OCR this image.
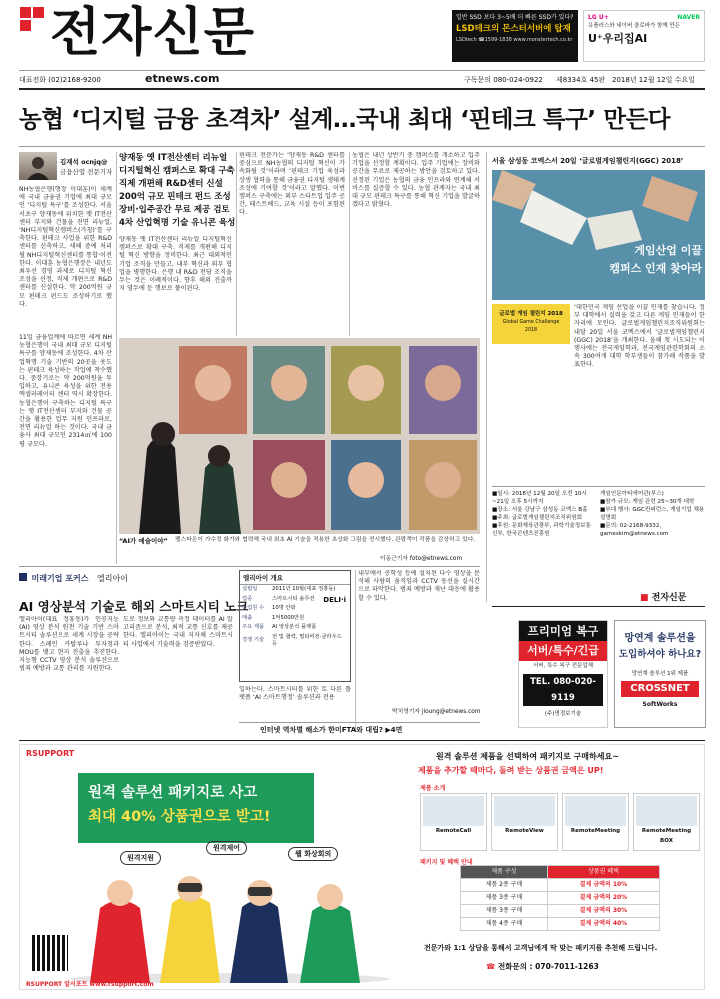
전자신문	일반 SSD 보다 3~5배 더 빠른 SSD가 있다?
LSD테크의 몬스터서버에 탑재
LSDtech ☎1599-1838 www.monstertech.co.kr
LG U+	NAVER
유플러스와 네이버 클로바가 함께 만든
U⁺우리집AI
대표전화 (02)2168-9200	etnews.com	구독문의 080-024-0922 제8334호 45판 2018년 12월 12일 수요일
농협 ‘디지털 금융 초격차’ 설계…국내 최대 ‘핀테크 특구’ 만든다
김재석 ocnjq@
금융산업 전문기자
NH농협은행(행장 이대훈)이 세계에 국내 금융권 기업에 최대 규모인 ‘디지털 특구’를 조성한다. 서울 서초구 양재동에 위치한 옛 IT전산센터 부지와 건물을 전면 리뉴얼, ‘NH디지털혁신캠퍼스(가칭)’를 구축한다. 핀테크 사업을 위한 R&D센터를 신축하고, 새해 중에 처리될 NH디지털혁신센터를 통합·이전한다. 이대훈 농협은행장은 내년도 최우선 경영 과제로 디지털 혁신 조성을 선정, 직제 개편으로 R&D센터를 신설한다. 약 200억원 규모 핀테크 펀드도 조성하기로 했다.
11일 금융업계에 따르면 세계 NH농협은행이 국내 최대 규모 디지털 특구를 양재동에 조성한다. 4차 산업혁명 기술 기반의 20곳을 웃도는 핀테크 육성하는 작업에 착수했다. 중장기로는 약 200억원을 투입하고, 유니콘 육성을 위한 전용 엑셀러레이터 센터 역시 확장한다. 농협은행이 구축하는 디지털 특구는 옛 IT전산센터 부지와 건물 공간을 활용한 업무 지원 인프라로, 전면 리뉴얼 하는 것이다. 국내 금융사 최대 규모인 2314㎡에 100평 규모다.
양재동 옛 IT전산센터 리뉴얼
디지털혁신 캠퍼스로 확대 구축
직제 개편해 R&D센터 신설
200억 규모 핀테크 펀드 조성
장비·입주공간 무료 제공 검토
4차 산업혁명 기술 유니콘 육성
양재동 옛 IT전산센터 리뉴얼 디지털혁신 캠퍼스로 확대 구축. 직제를 개편해 디지털 혁신 방향을 정비한다. 최근 대외적인 기업 조직을 만들고, 내부 혁신과 외부 협업을 병행한다. 은행 내 R&D 전담 조직을 두는 것은 이례적이다. 향후 해외 진출까지 염두에 둔 행보로 풀이된다.
핀테크 전문가는 ‘양재동 R&D 센터를 중심으로 NH농협의 디지털 혁신이 가속화될 것’이라며 ‘핀테크 기업 육성과 상생 협력을 통해 금융권 디지털 생태계 조성에 기여할 것’이라고 말했다. 이번 캠퍼스 구축에는 외부 스타트업 입주 공간, 테스트베드, 교육 시설 등이 포함된다.
농협은 내년 상반기 중 캠퍼스를 개소하고 입주 기업을 선정할 계획이다. 입주 기업에는 장비와 공간을 무료로 제공하는 방안을 검토하고 있다. 선정된 기업은 농협의 금융 인프라와 연계해 서비스를 실증할 수 있다. 농협 관계자는 국내 최대 규모 핀테크 특구를 통해 혁신 기업을 발굴하겠다고 밝혔다.
“AI가 예술이야” 펠스타온이 가수정 화가와 협력해 국내 최초 AI 기술을 적용한 초상화 그림을 전시했다. 관람객이 작품을 감상하고 있다.
이동근기자 foto@etnews.com
서울 삼성동 코엑스서 20일 ‘글로벌게임챌린지(GGC) 2018’
게임산업 이끌
캠퍼스 인재 찾아라
글로벌 게임 챌린지 2018
Global Game Challenge 2018
‘대한민국 게임 산업을 이끌 인재를 찾습니다. 정부 대학에서 실력을 갖고 다른 게임 인재들이 한자리에 모인다. 글로벌게임챌린지조직위원회는 내달 20일 서울 코엑스에서 ‘글로벌게임챌린지(GGC) 2018’을 개최한다. 올해 첫 시도되는 이 행사에는 전국게임학과, 전국게임관련학회의 소속 300여개 대학 학부생들이 참가해 작품을 발표한다.
■일시: 2018년 12월 20일 오전 10시~21일 오후 5시까지
■장소: 서울 강남구 삼성동 코엑스 B홀
■주최: 글로벌게임챌린지조직위원회
■후원: 문화체육관광부, 과학기술정보통신부, 한국콘텐츠진흥원
게임인문아티에어관(부스)
■참가 규모: 게임 관련 25~30개 대학
■부대 행사: GGC컨퍼런스, 게임기업 채용설명회
■문의: 02-2168-9332, gameskim@etnews.com
■ 전자신문
미래기업 포커스 엘리아이
AI 영상분석 기술로 해외 스마트시티 노크
엘리아이(대표 정홍동)가 인공지능(AI) 영상 분석 원천 기술 기반 스마트시티 솔루션으로 세계 시장을 공략한다. 스페인 카탈루냐 투자청과 MOU를 맺고 현지 진출을 추진한다. 지능형 CCTV 영상 분석 솔루션으로 범죄 예방과 교통 관리를 지원한다.
도로 정보와 교통량 측정 데이터를 AI 알고리즘으로 분석, 최적 교통 신호를 제공한다. 엘리아이는 국내 지자체 스마트시티 사업에서 기술력을 검증받았다.
엘리아이 개요
설립일	2011년 10월(대표 정홍동)
업종	스마트시티 솔루션
종업원 수	10명 안팎
매출	1억5000만원
주요 제품	AI 영상분석 플랫폼
경쟁 기술	전 및 협력, 멀티비전·클라우드 등
DELI·i
일하는다. 스마트시티를 위한 토 다른 플랫폼 ‘AI 스마트행정’ 솔루션과 전용
내부에서 공학성 등에 설치된 다수 영상을 분석해 사람의 움직임과 CCTV 동선을 실시간으로 파악한다. 범죄 예방과 재난 대응에 활용할 수 있다.
박치영기자 jioung@etnews.com
인터넷 역차별 해소가 한미FTA와 대립? ▶4면
프리미엄 복구
서버/특수/긴급
서버, 특수 복구 전문업체
TEL. 080-020-9119
(주)명정보기술
망연계 솔루션을
도입하셔야 하나요?
망연계 솔루션 1위 제품
CROSSNET
SoftWorks
RSUPPORT
원격 솔루션 패키지로 사고
최대 40% 상품권으로 받고!
원격지원
원격제어
웹 화상회의
원격 솔루션 제품을 선택하여 패키지로 구매하세요~
제품을 추가할 때마다, 돌려 받는 상품권 금액은 UP!
제품 소개
RemoteCall	RemoteView	RemoteMeeting	RemoteMeeting BOX
패키지 및 혜택 안내
제품 구성	상품권 혜택
제품 2종 구매	결제 금액의 10%
제품 3종 구매	결제 금액의 20%
제품 3종 구매	결제 금액의 30%
제품 4종 구매	결제 금액의 40%
전문가와 1:1 상담을 통해서 고객님에게 딱 맞는 패키지를 추천해 드립니다.
☎ 전화문의 : 070-7011-1263
RSUPPORT 알서포트 www.rsupport.com
